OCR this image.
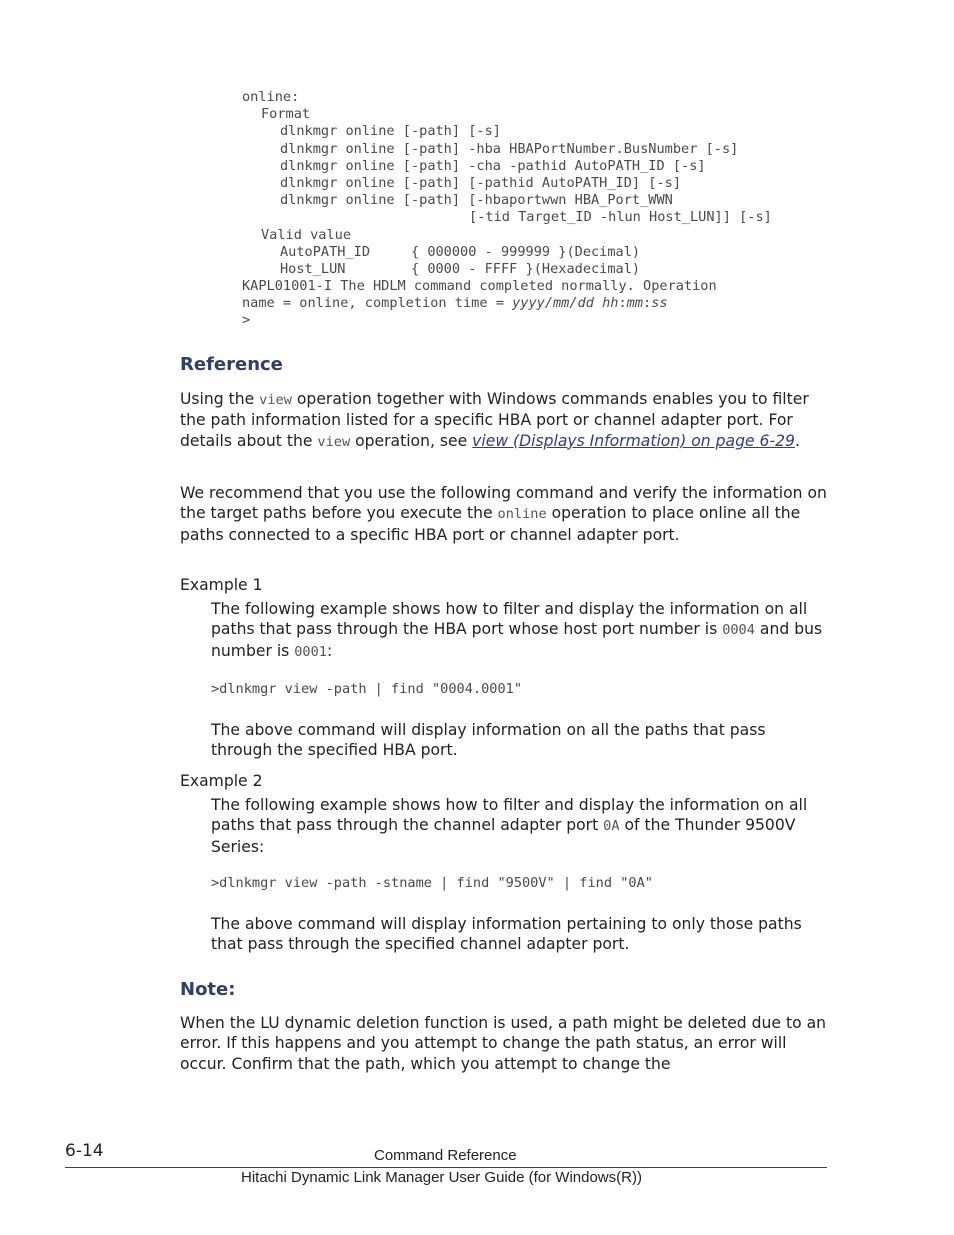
online:
Format
dlnkmgr online [-path] [-s]
dlnkmgr online [-path] -hba HBAPortNumber.BusNumber [-s]
dlnkmgr online [-path] -cha -pathid AutoPATH_ID [-s]
dlnkmgr online [-path] [-pathid AutoPATH_ID] [-s]
dlnkmgr online [-path] [-hbaportwwn HBA_Port_WWN
[-tid Target_ID -hlun Host_LUN]] [-s]
Valid value
AutoPATH_ID     { 000000 - 999999 }(Decimal)
Host_LUN        { 0000 - FFFF }(Hexadecimal)
KAPL01001-I The HDLM command completed normally. Operation
name = online, completion time = yyyy/mm/dd hh:mm:ss
>
Reference

Using the view operation together with Windows commands enables you to filter the path information listed for a specific HBA port or channel adapter port. For details about the view operation, see view (Displays Information) on page 6-29.

We recommend that you use the following command and verify the information on the target paths before you execute the online operation to place online all the paths connected to a specific HBA port or channel adapter port.

Example 1

The following example shows how to filter and display the information on all paths that pass through the HBA port whose host port number is 0004 and bus number is 0001:

>dlnkmgr view -path | find "0004.0001"

The above command will display information on all the paths that pass through the specified HBA port.

Example 2

The following example shows how to filter and display the information on all paths that pass through the channel adapter port 0A of the Thunder 9500V Series:

>dlnkmgr view -path -stname | find "9500V" | find "0A"

The above command will display information pertaining to only those paths that pass through the specified channel adapter port.

Note:

When the LU dynamic deletion function is used, a path might be deleted due to an error. If this happens and you attempt to change the path status, an error will occur. Confirm that the path, which you attempt to change the

6-14	Command Reference
Hitachi Dynamic Link Manager User Guide (for Windows(R))
